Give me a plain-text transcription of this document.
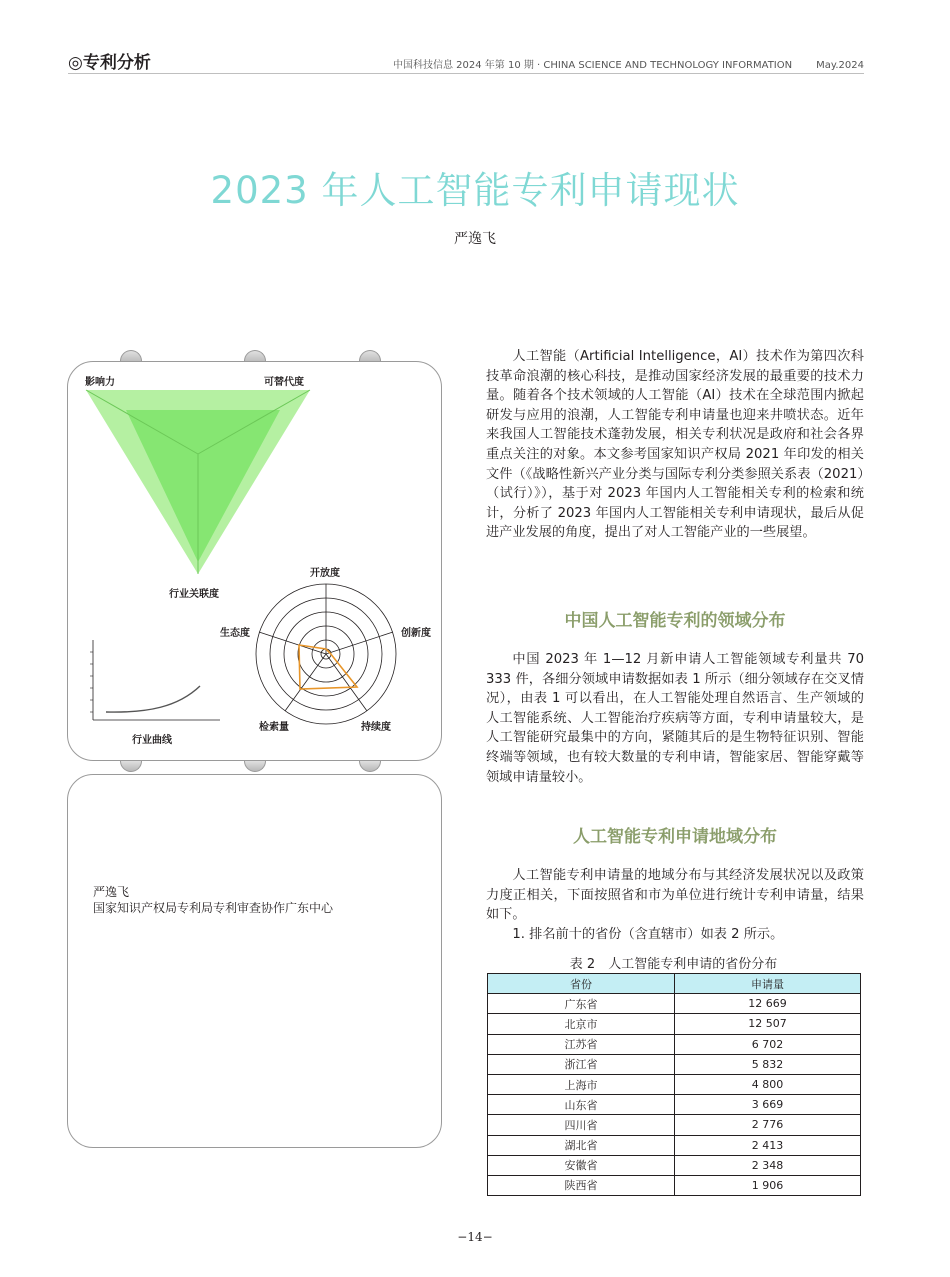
◎专利分析	中国科技信息 2024 年第 10 期 · CHINA SCIENCE AND TECHNOLOGY INFORMATION May.2024
2023 年人工智能专利申请现状
严逸飞
影响力	可替代度
行业关联度
开放度
创新度
持续度
检索量
生态度
行业曲线
严逸飞
国家知识产权局专利局专利审查协作广东中心

人工智能（Artificial Intelligence，AI）技术作为第四次科技革命浪潮的核心科技，是推动国家经济发展的最重要的技术力量。随着各个技术领域的人工智能（AI）技术在全球范围内掀起研发与应用的浪潮，人工智能专利申请量也迎来井喷状态。近年来我国人工智能技术蓬勃发展，相关专利状况是政府和社会各界重点关注的对象。本文参考国家知识产权局 2021 年印发的相关文件（《战略性新兴产业分类与国际专利分类参照关系表（2021）（试行）》），基于对 2023 年国内人工智能相关专利的检索和统计，分析了 2023 年国内人工智能相关专利申请现状，最后从促进产业发展的角度，提出了对人工智能产业的一些展望。

中国人工智能专利的领域分布

中国 2023 年 1—12 月新申请人工智能领域专利量共 70 333 件，各细分领域申请数据如表 1 所示（细分领域存在交叉情况），由表 1 可以看出，在人工智能处理自然语言、生产领域的人工智能系统、人工智能治疗疾病等方面，专利申请量较大，是人工智能研究最集中的方向，紧随其后的是生物特征识别、智能终端等领域，也有较大数量的专利申请，智能家居、智能穿戴等领域申请量较小。

人工智能专利申请地域分布

人工智能专利申请量的地域分布与其经济发展状况以及政策力度正相关，下面按照省和市为单位进行统计专利申请量，结果如下。

1. 排名前十的省份（含直辖市）如表 2 所示。

表 2　人工智能专利申请的省份分布
省份	申请量
广东省	12 669
北京市	12 507
江苏省	6 702
浙江省	5 832
上海市	4 800
山东省	3 669
四川省	2 776
湖北省	2 413
安徽省	2 348
陕西省	1 906
−14−
